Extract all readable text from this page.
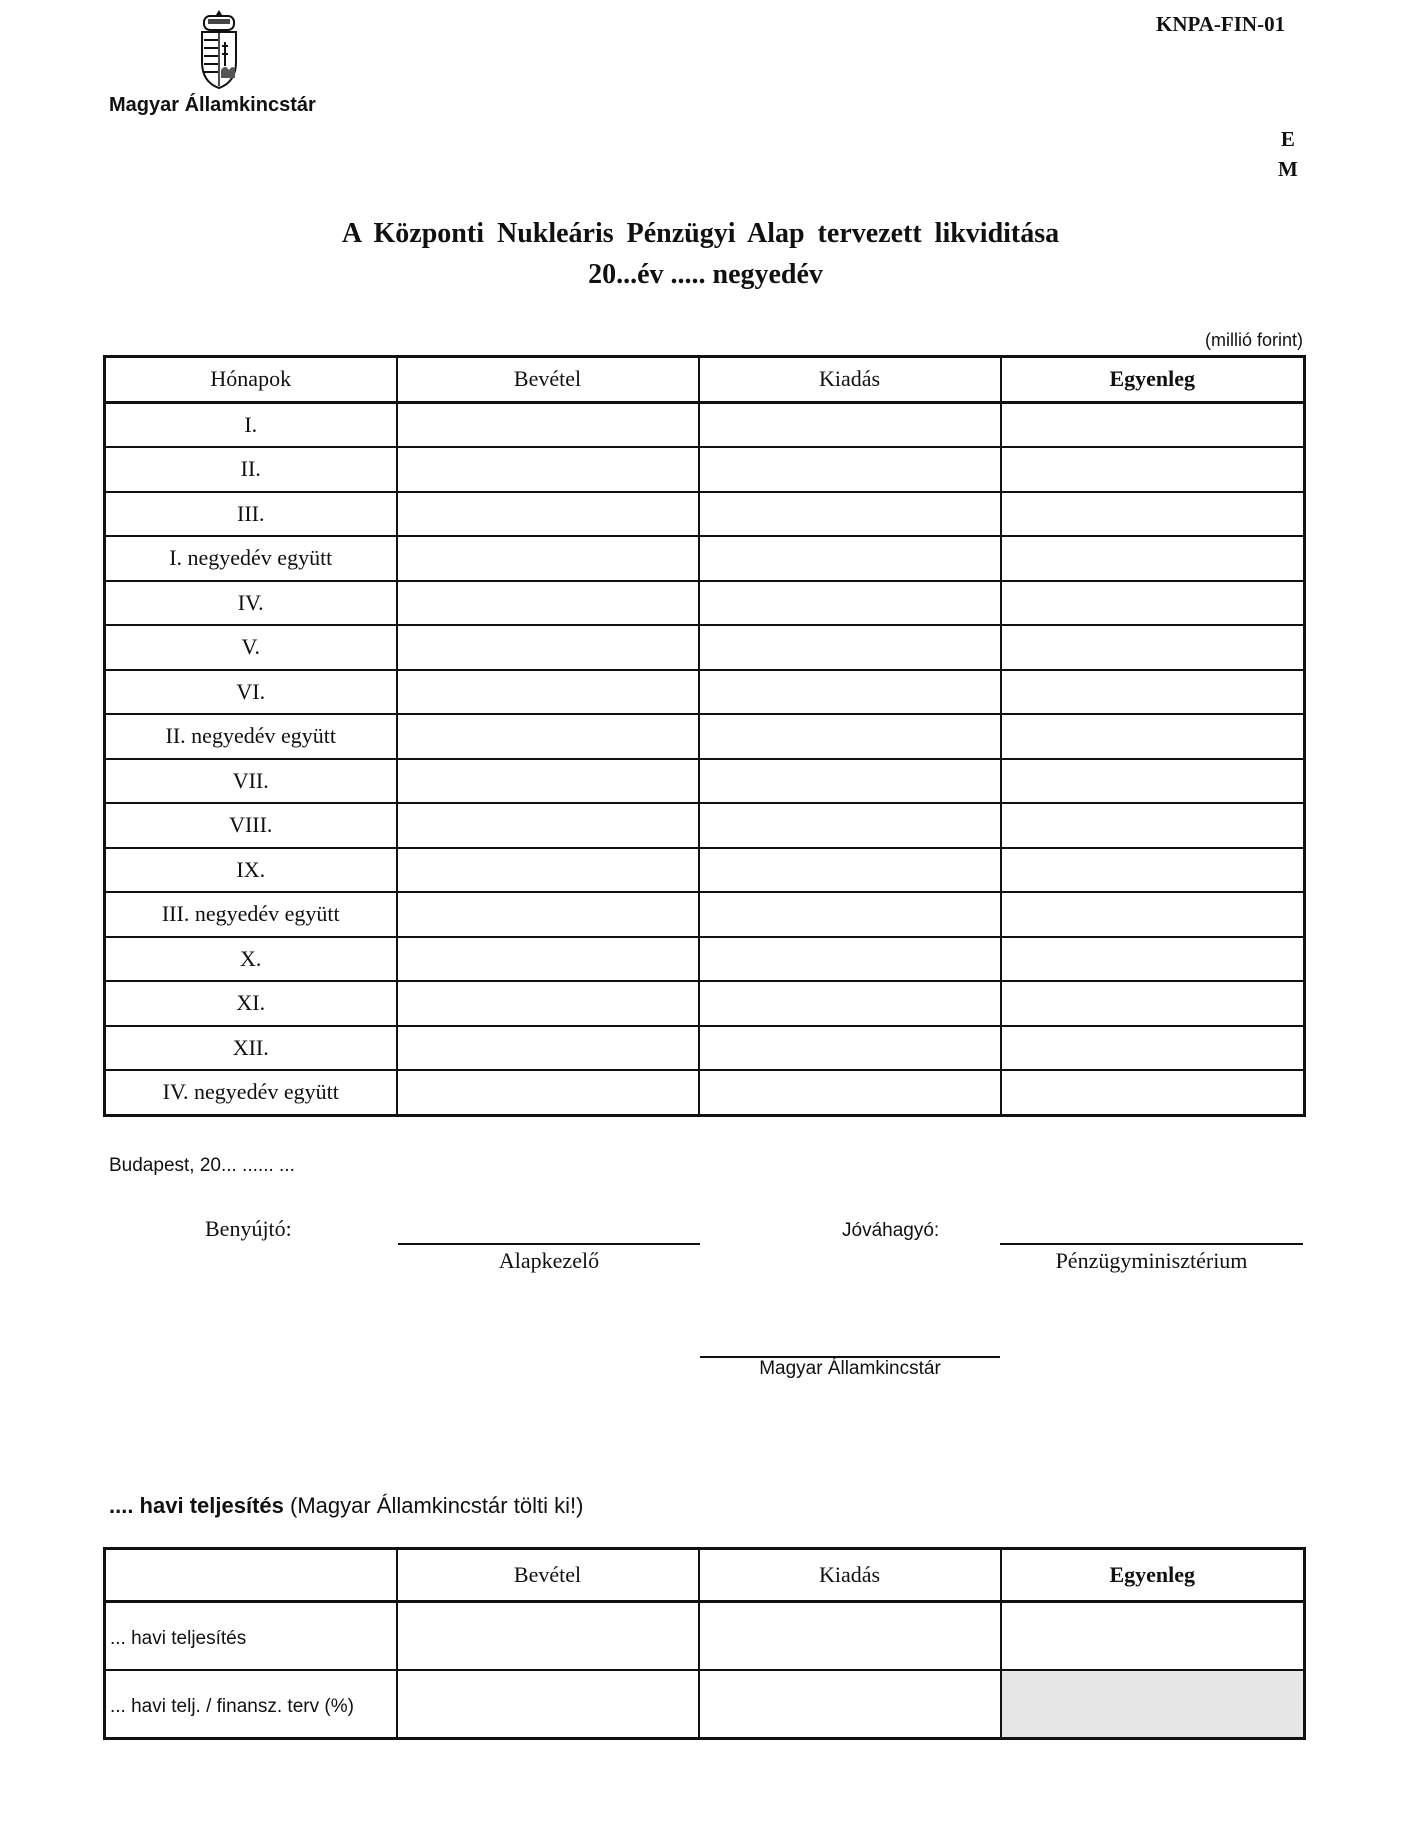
Magyar Államkincstár
KNPA-FIN-01
E
M
A Központi Nukleáris Pénzügyi Alap tervezett likviditása
20...év ..... negyedév
(millió forint)
Hónapok	Bevétel	Kiadás	Egyenleg
I.			
II.			
III.			
I. negyedév együtt			
IV.			
V.			
VI.			
II. negyedév együtt			
VII.			
VIII.			
IX.			
III. negyedév együtt			
X.			
XI.			
XII.			
IV. negyedév együtt			
Budapest, 20... ...... ...
Benyújtó:	Jóváhagyó:
Alapkezelő	Pénzügyminisztérium
Magyar Államkincstár
.... havi teljesítés (Magyar Államkincstár tölti ki!)
	Bevétel	Kiadás	Egyenleg
... havi teljesítés			
... havi telj. / finansz. terv (%)			
